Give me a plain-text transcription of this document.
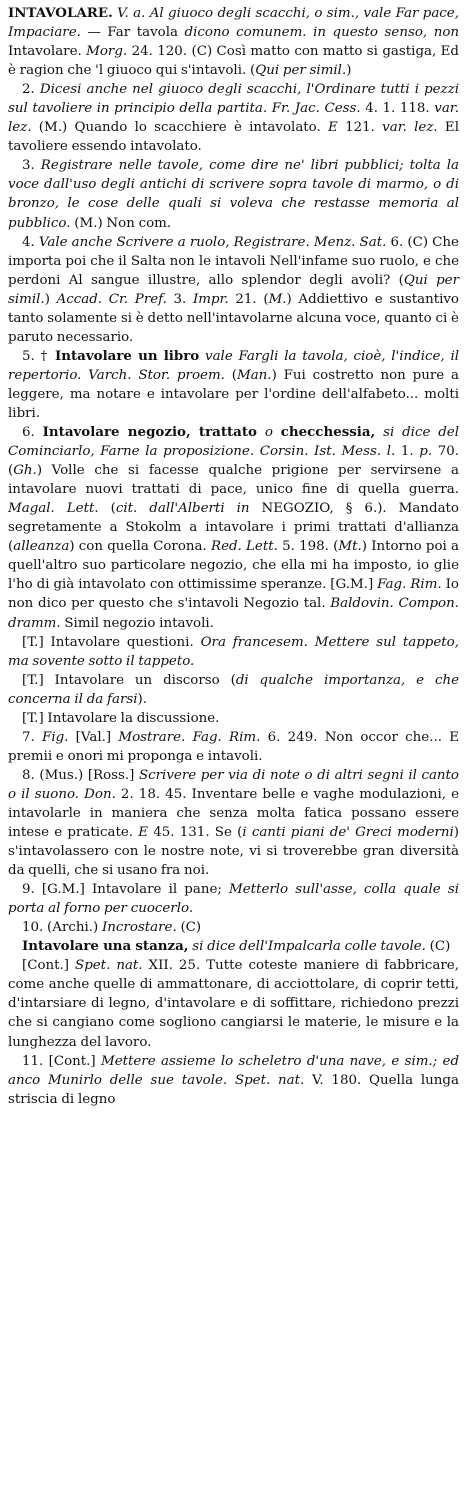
INTAVOLARE. V. a. Al giuoco degli scacchi, o sim., vale Far pace, Impaciare. — Far tavola dicono comunem. in questo senso, non Intavolare. Morg. 24. 120. (C) Così matto con matto si gastiga, Ed è ragion che 'l giuoco qui s'intavoli. (Qui per simil.)

2. Dicesi anche nel giuoco degli scacchi, l'Ordinare tutti i pezzi sul tavoliere in principio della partita. Fr. Jac. Cess. 4. 1. 118. var. lez. (M.) Quando lo scacchiere è intavolato. E 121. var. lez. El tavoliere essendo intavolato.

3. Registrare nelle tavole, come dire ne' libri pubblici; tolta la voce dall'uso degli antichi di scrivere sopra tavole di marmo, o di bronzo, le cose delle quali si voleva che restasse memoria al pubblico. (M.) Non com.

4. Vale anche Scrivere a ruolo, Registrare. Menz. Sat. 6. (C) Che importa poi che il Salta non le intavoli Nell'infame suo ruolo, e che perdoni Al sangue illustre, allo splendor degli avoli? (Qui per simil.) Accad. Cr. Pref. 3. Impr. 21. (M.) Addiettivo e sustantivo tanto solamente si è detto nell'intavolarne alcuna voce, quanto ci è paruto necessario.

5. † Intavolare un libro vale Fargli la tavola, cioè, l'indice, il repertorio. Varch. Stor. proem. (Man.) Fui costretto non pure a leggere, ma notare e intavolare per l'ordine dell'alfabeto... molti libri.

6. Intavolare negozio, trattato o checchessia, si dice del Cominciarlo, Farne la proposizione. Corsin. Ist. Mess. l. 1. p. 70. (Gh.) Volle che si facesse qualche prigione per servirsene a intavolare nuovi trattati di pace, unico fine di quella guerra. Magal. Lett. (cit. dall'Alberti in NEGOZIO, § 6.). Mandato segretamente a Stokolm a intavolare i primi trattati d'allianza (alleanza) con quella Corona. Red. Lett. 5. 198. (Mt.) Intorno poi a quell'altro suo particolare negozio, che ella mi ha imposto, io glie l'ho di già intavolato con ottimissime speranze. [G.M.] Fag. Rim. Io non dico per questo che s'intavoli Negozio tal. Baldovin. Compon. dramm. Simil negozio intavoli.

[T.] Intavolare questioni. Ora francesem. Mettere sul tappeto, ma sovente sotto il tappeto.

[T.] Intavolare un discorso (di qualche importanza, e che concerna il da farsi).

[T.] Intavolare la discussione.

7. Fig. [Val.] Mostrare. Fag. Rim. 6. 249. Non occor che... E premii e onori mi proponga e intavoli.

8. (Mus.) [Ross.] Scrivere per via di note o di altri segni il canto o il suono. Don. 2. 18. 45. Inventare belle e vaghe modulazioni, e intavolarle in maniera che senza molta fatica possano essere intese e praticate. E 45. 131. Se (i canti piani de' Greci moderni) s'intavolassero con le nostre note, vi si troverebbe gran diversità da quelli, che si usano fra noi.

9. [G.M.] Intavolare il pane; Metterlo sull'asse, colla quale si porta al forno per cuocerlo.

10. (Archi.) Incrostare. (C)

Intavolare una stanza, si dice dell'Impalcarla colle tavole. (C)

[Cont.] Spet. nat. XII. 25. Tutte coteste maniere di fabbricare, come anche quelle di ammattonare, di acciottolare, di coprir tetti, d'intarsiare di legno, d'intavolare e di soffittare, richiedono prezzi che si cangiano come sogliono cangiarsi le materie, le misure e la lunghezza del lavoro.

11. [Cont.] Mettere assieme lo scheletro d'una nave, e sim.; ed anco Munirlo delle sue tavole. Spet. nat. V. 180. Quella lunga striscia di legno
